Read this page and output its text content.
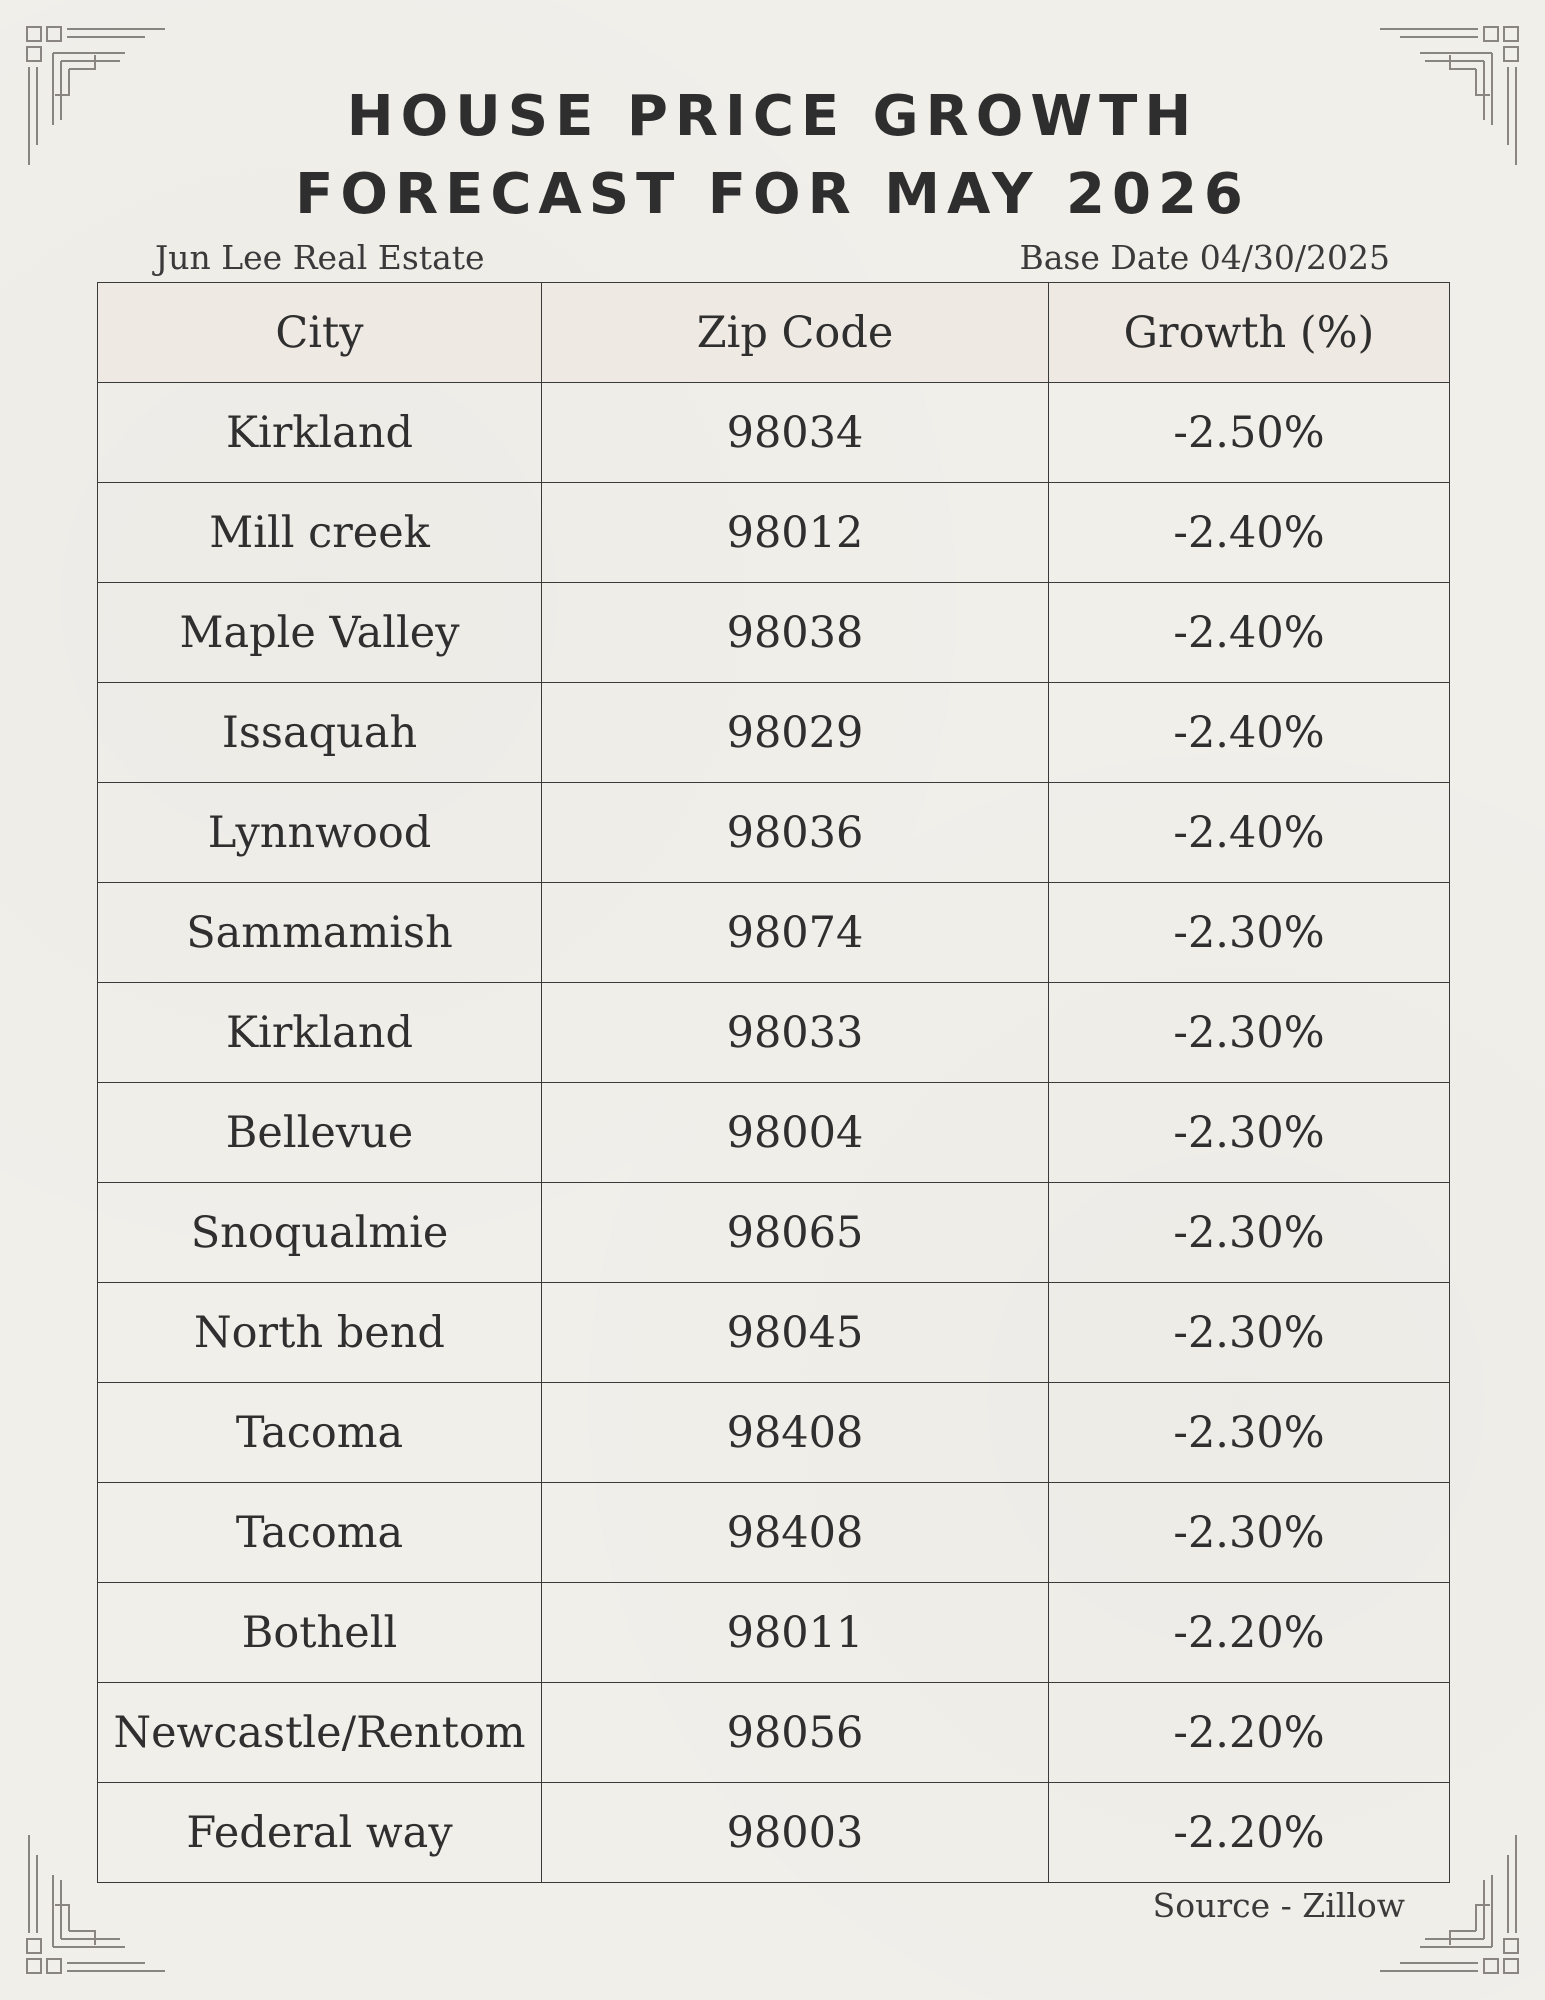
HOUSE PRICE GROWTH
FORECAST FOR MAY 2026
Jun Lee Real Estate	Base Date 04/30/2025
City	Zip Code	Growth (%)
Kirkland	98034	-2.50%
Mill creek	98012	-2.40%
Maple Valley	98038	-2.40%
Issaquah	98029	-2.40%
Lynnwood	98036	-2.40%
Sammamish	98074	-2.30%
Kirkland	98033	-2.30%
Bellevue	98004	-2.30%
Snoqualmie	98065	-2.30%
North bend	98045	-2.30%
Tacoma	98408	-2.30%
Tacoma	98408	-2.30%
Bothell	98011	-2.20%
Newcastle/Rentom	98056	-2.20%
Federal way	98003	-2.20%
Source - Zillow
